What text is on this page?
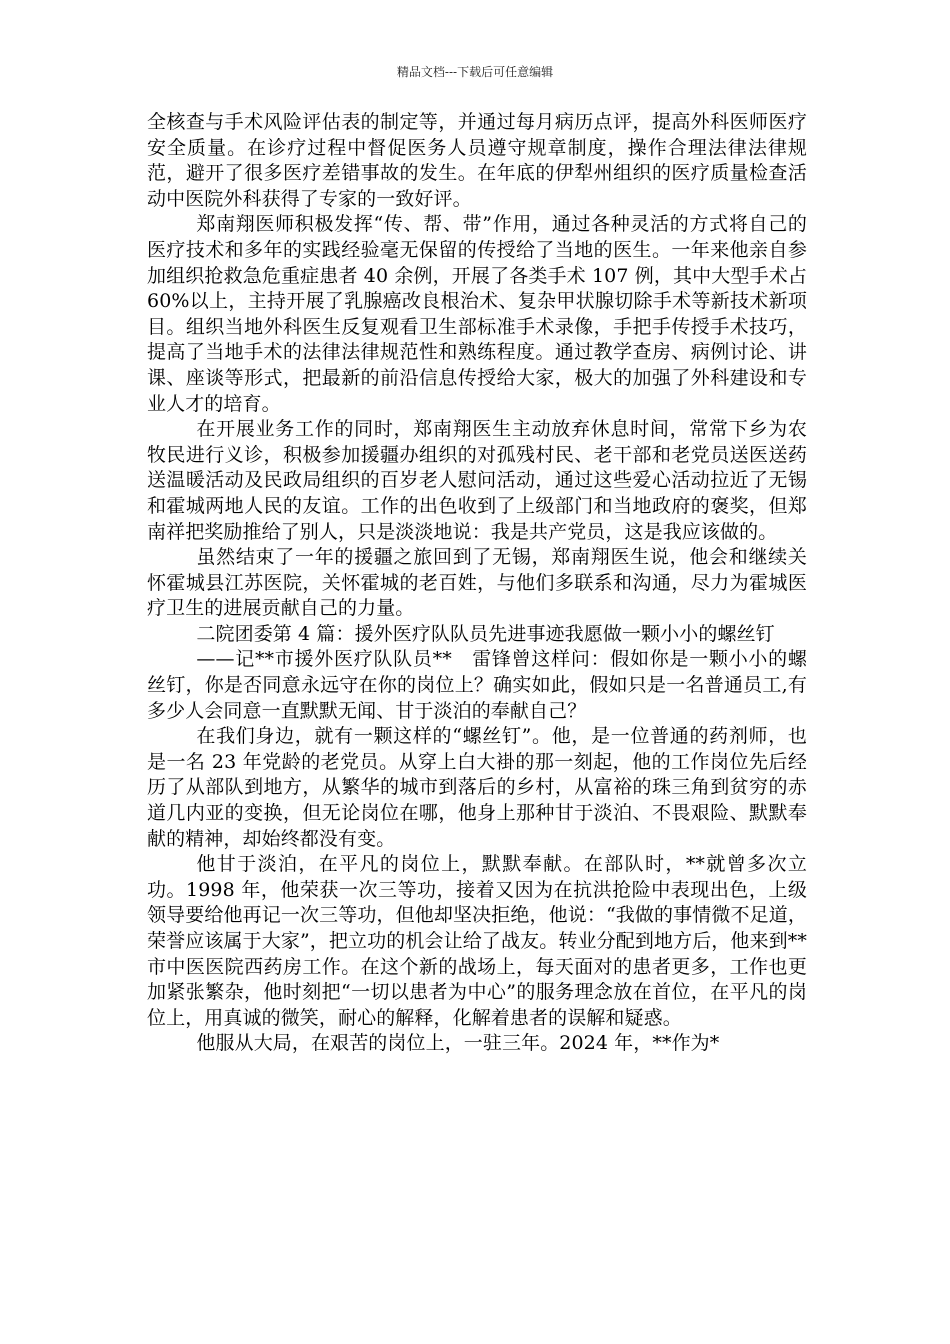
精品文档---下载后可任意编辑

全核查与手术风险评估表的制定等，并通过每月病历点评，提高外科医师医疗安全质量。在诊疗过程中督促医务人员遵守规章制度，操作合理法律法律规范，避开了很多医疗差错事故的发生。在年底的伊犁州组织的医疗质量检查活动中医院外科获得了专家的一致好评。

郑南翔医师积极发挥“传、帮、带”作用，通过各种灵活的方式将自己的医疗技术和多年的实践经验毫无保留的传授给了当地的医生。一年来他亲自参加组织抢救急危重症患者 40 余例，开展了各类手术 107 例，其中大型手术占 60%以上，主持开展了乳腺癌改良根治术、复杂甲状腺切除手术等新技术新项目。组织当地外科医生反复观看卫生部标准手术录像，手把手传授手术技巧，提高了当地手术的法律法律规范性和熟练程度。通过教学查房、病例讨论、讲课、座谈等形式，把最新的前沿信息传授给大家，极大的加强了外科建设和专业人才的培育。

在开展业务工作的同时，郑南翔医生主动放弃休息时间，常常下乡为农牧民进行义诊，积极参加援疆办组织的对孤残村民、老干部和老党员送医送药送温暖活动及民政局组织的百岁老人慰问活动，通过这些爱心活动拉近了无锡和霍城两地人民的友谊。工作的出色收到了上级部门和当地政府的褒奖，但郑南祥把奖励推给了别人，只是淡淡地说：我是共产党员，这是我应该做的。

虽然结束了一年的援疆之旅回到了无锡，郑南翔医生说，他会和继续关怀霍城县江苏医院，关怀霍城的老百姓，与他们多联系和沟通，尽力为霍城医疗卫生的进展贡献自己的力量。

二院团委第 4 篇：援外医疗队队员先进事迹我愿做一颗小小的螺丝钉

——记**市援外医疗队队员**　雷锋曾这样问：假如你是一颗小小的螺丝钉，你是否同意永远守在你的岗位上？确实如此，假如只是一名普通员工,有多少人会同意一直默默无闻、甘于淡泊的奉献自己？

在我们身边，就有一颗这样的“螺丝钉”。他，是一位普通的药剂师，也是一名 23 年党龄的老党员。从穿上白大褂的那一刻起，他的工作岗位先后经历了从部队到地方，从繁华的城市到落后的乡村，从富裕的珠三角到贫穷的赤道几内亚的变换，但无论岗位在哪，他身上那种甘于淡泊、不畏艰险、默默奉献的精神，却始终都没有变。

他甘于淡泊，在平凡的岗位上，默默奉献。在部队时，**就曾多次立功。1998 年，他荣获一次三等功，接着又因为在抗洪抢险中表现出色，上级领导要给他再记一次三等功，但他却坚决拒绝，他说：“我做的事情微不足道，荣誉应该属于大家”，把立功的机会让给了战友。转业分配到地方后，他来到**市中医医院西药房工作。在这个新的战场上，每天面对的患者更多，工作也更加紧张繁杂，他时刻把“一切以患者为中心”的服务理念放在首位，在平凡的岗位上，用真诚的微笑，耐心的解释，化解着患者的误解和疑惑。

他服从大局，在艰苦的岗位上，一驻三年。2024 年，**作为*
